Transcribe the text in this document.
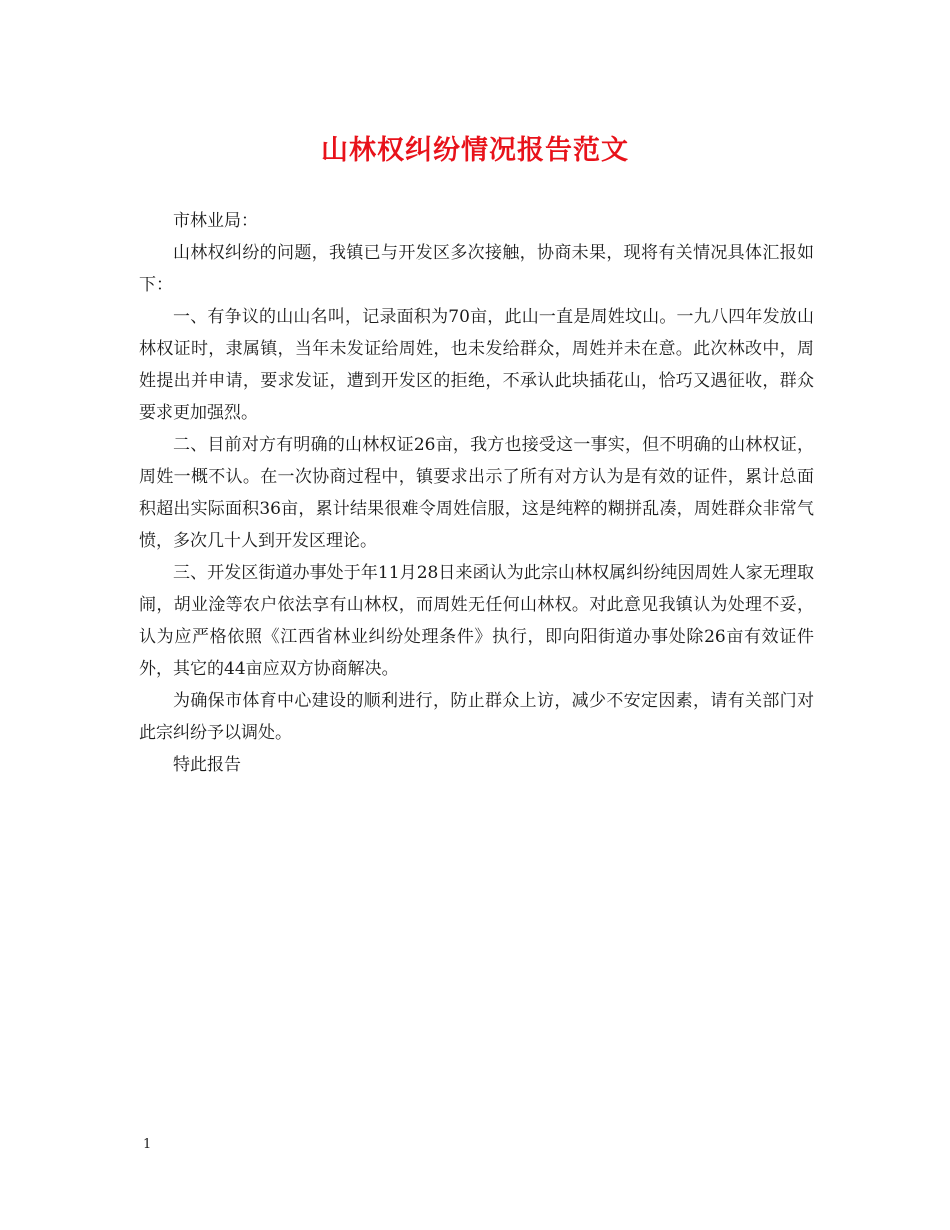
山林权纠纷情况报告范文

市林业局：

山林权纠纷的问题，我镇已与开发区多次接触，协商未果，现将有关情况具体汇报如下：

一、有争议的山山名叫，记录面积为70亩，此山一直是周姓坟山。一九八四年发放山林权证时，隶属镇，当年未发证给周姓，也未发给群众，周姓并未在意。此次林改中，周姓提出并申请，要求发证，遭到开发区的拒绝，不承认此块插花山，恰巧又遇征收，群众要求更加强烈。

二、目前对方有明确的山林权证26亩，我方也接受这一事实，但不明确的山林权证，周姓一概不认。在一次协商过程中，镇要求出示了所有对方认为是有效的证件，累计总面积超出实际面积36亩，累计结果很难令周姓信服，这是纯粹的糊拼乱凑，周姓群众非常气愤，多次几十人到开发区理论。

三、开发区街道办事处于年11月28日来函认为此宗山林权属纠纷纯因周姓人家无理取闹，胡业淦等农户依法享有山林权，而周姓无任何山林权。对此意见我镇认为处理不妥，认为应严格依照《江西省林业纠纷处理条件》执行，即向阳街道办事处除26亩有效证件外，其它的44亩应双方协商解决。

为确保市体育中心建设的顺利进行，防止群众上访，减少不安定因素，请有关部门对此宗纠纷予以调处。

特此报告

1
